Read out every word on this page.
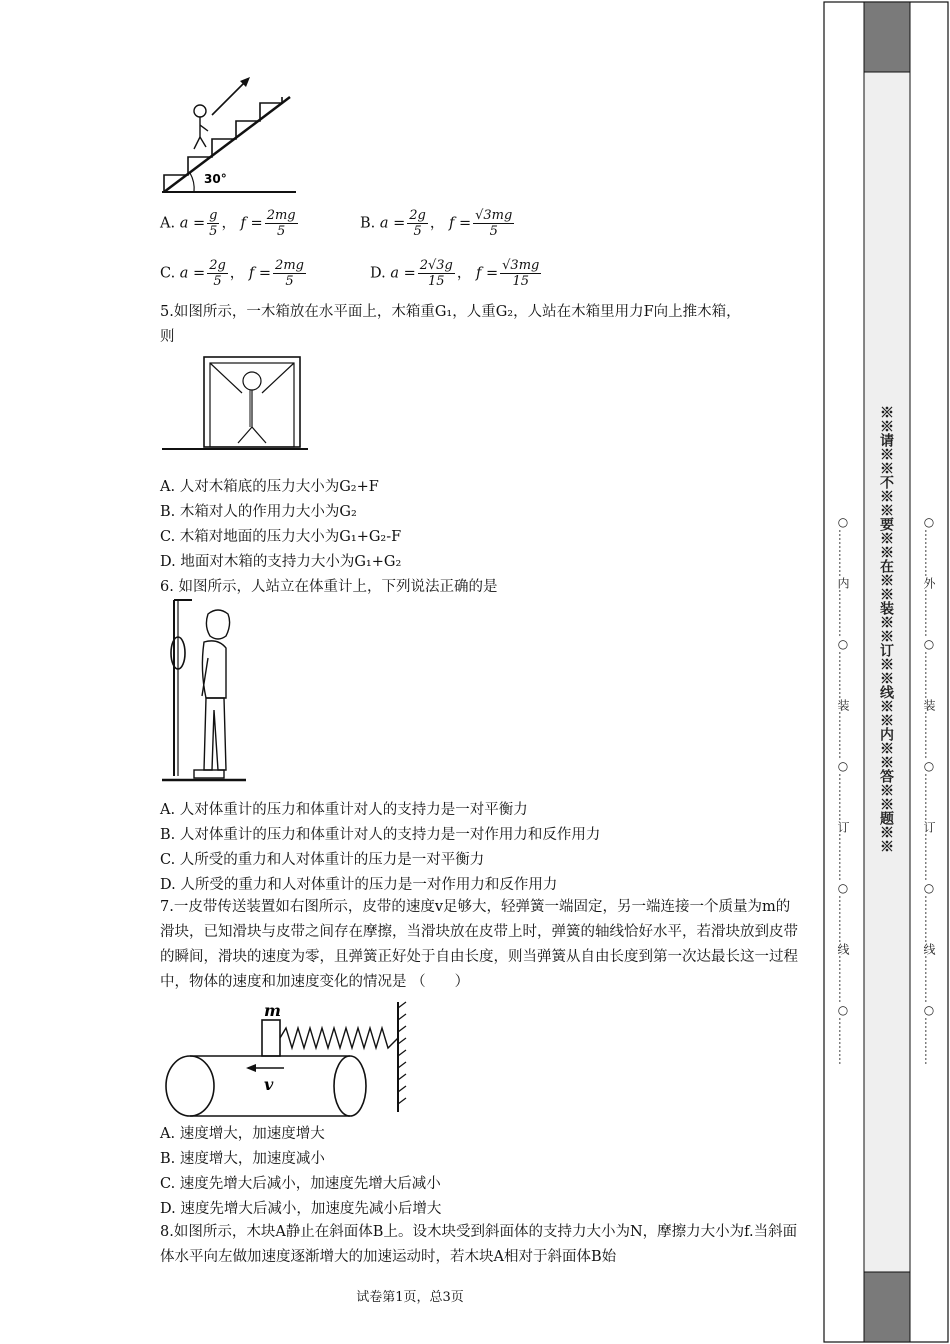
30°
A. $a = \frac{g}{5}$ ， $f = \frac{2mg}{5}$	B. $a = \frac{2g}{5}$ ， $f = \frac{√3mg}{5}$
C. $a = \frac{2g}{5}$ ， $f = \frac{2mg}{5}$	D. $a = \frac{2√3g}{15}$ ， $f = \frac{√3mg}{15}$
5.如图所示，一木箱放在水平面上，木箱重G₁，人重G₂，人站在木箱里用力F向上推木箱，
则
A. 人对木箱底的压力大小为G₂+F
B. 木箱对人的作用力大小为G₂
C. 木箱对地面的压力大小为G₁+G₂-F
D. 地面对木箱的支持力大小为G₁+G₂
6. 如图所示，人站立在体重计上，下列说法正确的是
A. 人对体重计的压力和体重计对人的支持力是一对平衡力
B. 人对体重计的压力和体重计对人的支持力是一对作用力和反作用力
C. 人所受的重力和人对体重计的压力是一对平衡力
D. 人所受的重力和人对体重计的压力是一对作用力和反作用力
7.一皮带传送装置如右图所示，皮带的速度v足够大，轻弹簧一端固定，另一端连接一个质量为m的滑块，已知滑块与皮带之间存在摩擦，当滑块放在皮带上时，弹簧的轴线恰好水平，若滑块放到皮带的瞬间，滑块的速度为零，且弹簧正好处于自由长度，则当弹簧从自由长度到第一次达最长这一过程中，物体的速度和加速度变化的情况是 （　　）
m
v
A. 速度增大，加速度增大
B. 速度增大，加速度减小
C. 速度先增大后减小，加速度先增大后减小
D. 速度先增大后减小，加速度先减小后增大
8.如图所示，木块A静止在斜面体B上。设木块受到斜面体的支持力大小为N，摩擦力大小为f.当斜面体水平向左做加速度逐渐增大的加速运动时，若木块A相对于斜面体B始
试卷第1页，总3页
○…………内…………○…………装…………○…………订…………○…………线…………○………… ※※请※※不※※要※※在※※装※※订※※线※※内※※答※※题※※ ○…………外…………○…………装…………○…………订…………○…………线…………○…………
